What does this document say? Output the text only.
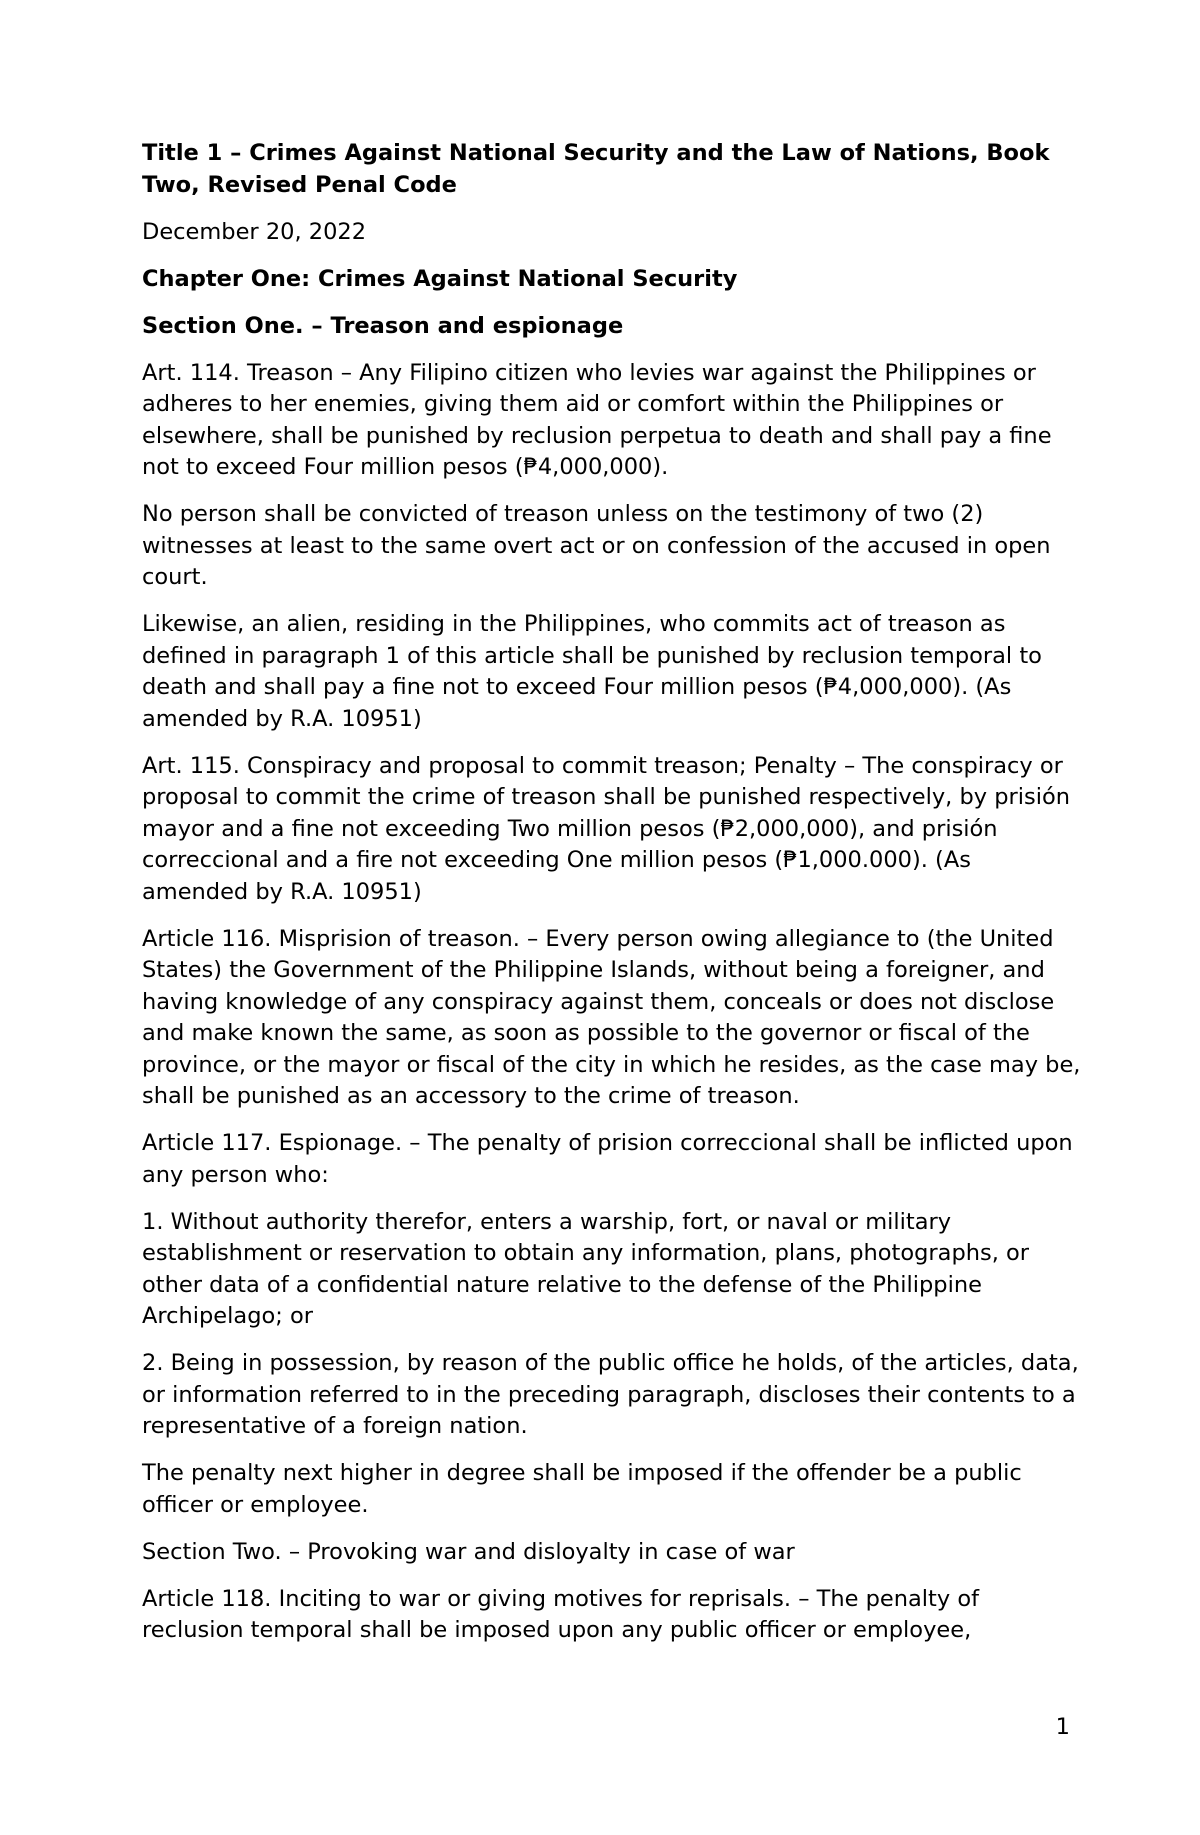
Title 1 – Crimes Against National Security and the Law of Nations, Book Two, Revised Penal Code

December 20, 2022

Chapter One: Crimes Against National Security

Section One. – Treason and espionage

Art. 114. Treason – Any Filipino citizen who levies war against the Philippines or adheres to her enemies, giving them aid or comfort within the Philippines or elsewhere, shall be punished by reclusion perpetua to death and shall pay a fine not to exceed Four million pesos (₱4,000,000).

No person shall be convicted of treason unless on the testimony of two (2) witnesses at least to the same overt act or on confession of the accused in open court.

Likewise, an alien, residing in the Philippines, who commits act of treason as defined in paragraph 1 of this article shall be punished by reclusion temporal to death and shall pay a fine not to exceed Four million pesos (₱4,000,000). (As amended by R.A. 10951)

Art. 115. Conspiracy and proposal to commit treason; Penalty – The conspiracy or proposal to commit the crime of treason shall be punished respectively, by prisión mayor and a fine not exceeding Two million pesos (₱2,000,000), and prisión correccional and a fire not exceeding One million pesos (₱1,000.000). (As amended by R.A. 10951)

Article 116. Misprision of treason. – Every person owing allegiance to (the United States) the Government of the Philippine Islands, without being a foreigner, and having knowledge of any conspiracy against them, conceals or does not disclose and make known the same, as soon as possible to the governor or fiscal of the province, or the mayor or fiscal of the city in which he resides, as the case may be, shall be punished as an accessory to the crime of treason.

Article 117. Espionage. – The penalty of prision correccional shall be inflicted upon any person who:

1. Without authority therefor, enters a warship, fort, or naval or military establishment or reservation to obtain any information, plans, photographs, or other data of a confidential nature relative to the defense of the Philippine Archipelago; or

2. Being in possession, by reason of the public office he holds, of the articles, data, or information referred to in the preceding paragraph, discloses their contents to a representative of a foreign nation.

The penalty next higher in degree shall be imposed if the offender be a public officer or employee.

Section Two. – Provoking war and disloyalty in case of war

Article 118. Inciting to war or giving motives for reprisals. – The penalty of reclusion temporal shall be imposed upon any public officer or employee,

1
